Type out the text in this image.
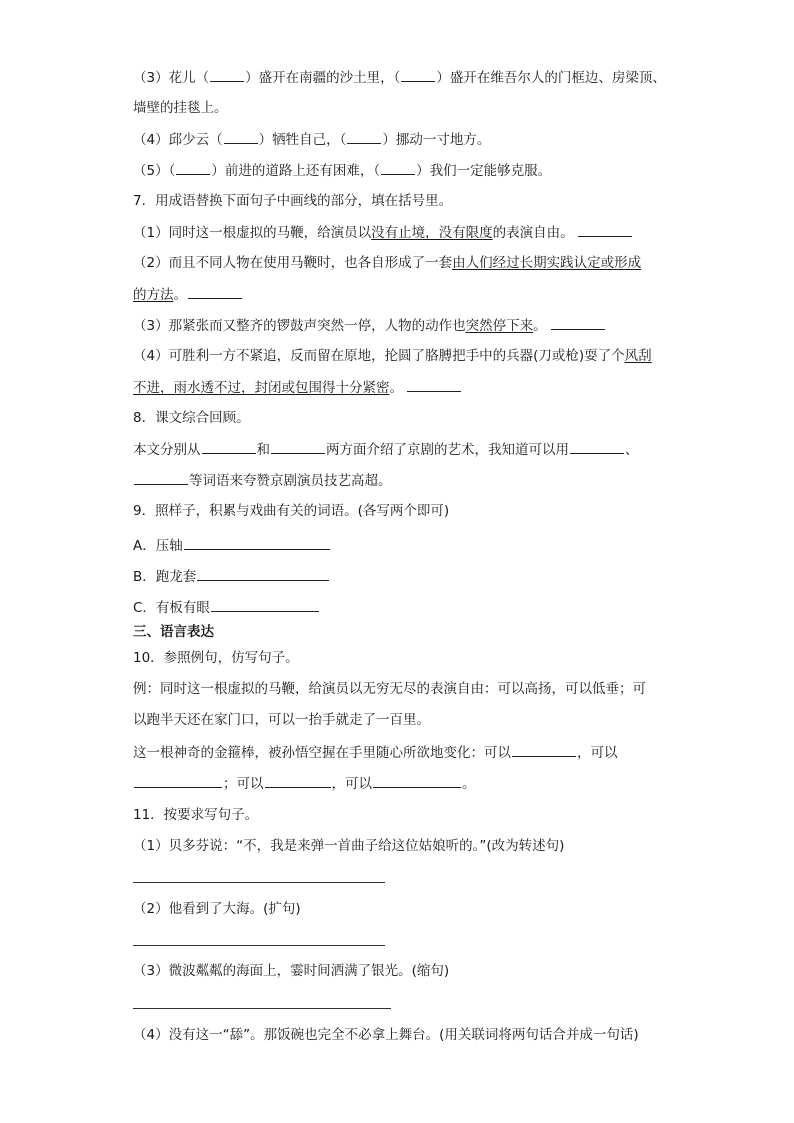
（3）花儿（	）盛开在南疆的沙土里，（	）盛开在维吾尔人的门框边、房梁顶、
墙壁的挂毯上。
（4）邱少云（	）牺牲自己，（	）挪动一寸地方。
（5）（	）前进的道路上还有困难，（	）我们一定能够克服。
7．用成语替换下面句子中画线的部分，填在括号里。
（1）同时这一根虚拟的马鞭，给演员以没有止境，没有限度的表演自由。
（2）而且不同人物在使用马鞭时，也各自形成了一套由人们经过长期实践认定或形成
的方法。
（3）那紧张而又整齐的锣鼓声突然一停，人物的动作也突然停下来。
（4）可胜利一方不紧追，反而留在原地，抡圆了胳膊把手中的兵器(刀或枪)耍了个风刮
不进，雨水透不过，封闭或包围得十分紧密。
8．课文综合回顾。
本文分别从	和	两方面介绍了京剧的艺术，我知道可以用	、
等词语来夸赞京剧演员技艺高超。
9．照样子，积累与戏曲有关的词语。(各写两个即可)
A．压轴
B．跑龙套
C．有板有眼
三、语言表达
10．参照例句，仿写句子。
例：同时这一根虚拟的马鞭，给演员以无穷无尽的表演自由：可以高扬，可以低垂；可
以跑半天还在家门口，可以一抬手就走了一百里。
这一根神奇的金箍棒，被孙悟空握在手里随心所欲地变化：可以	，可以
；可以	，可以	。
11．按要求写句子。
（1）贝多芬说：“不，我是来弹一首曲子给这位姑娘听的。”(改为转述句)
（2）他看到了大海。(扩句)
（3）微波粼粼的海面上，霎时间洒满了银光。(缩句)
（4）没有这一“舔”。那饭碗也完全不必拿上舞台。(用关联词将两句话合并成一句话)
